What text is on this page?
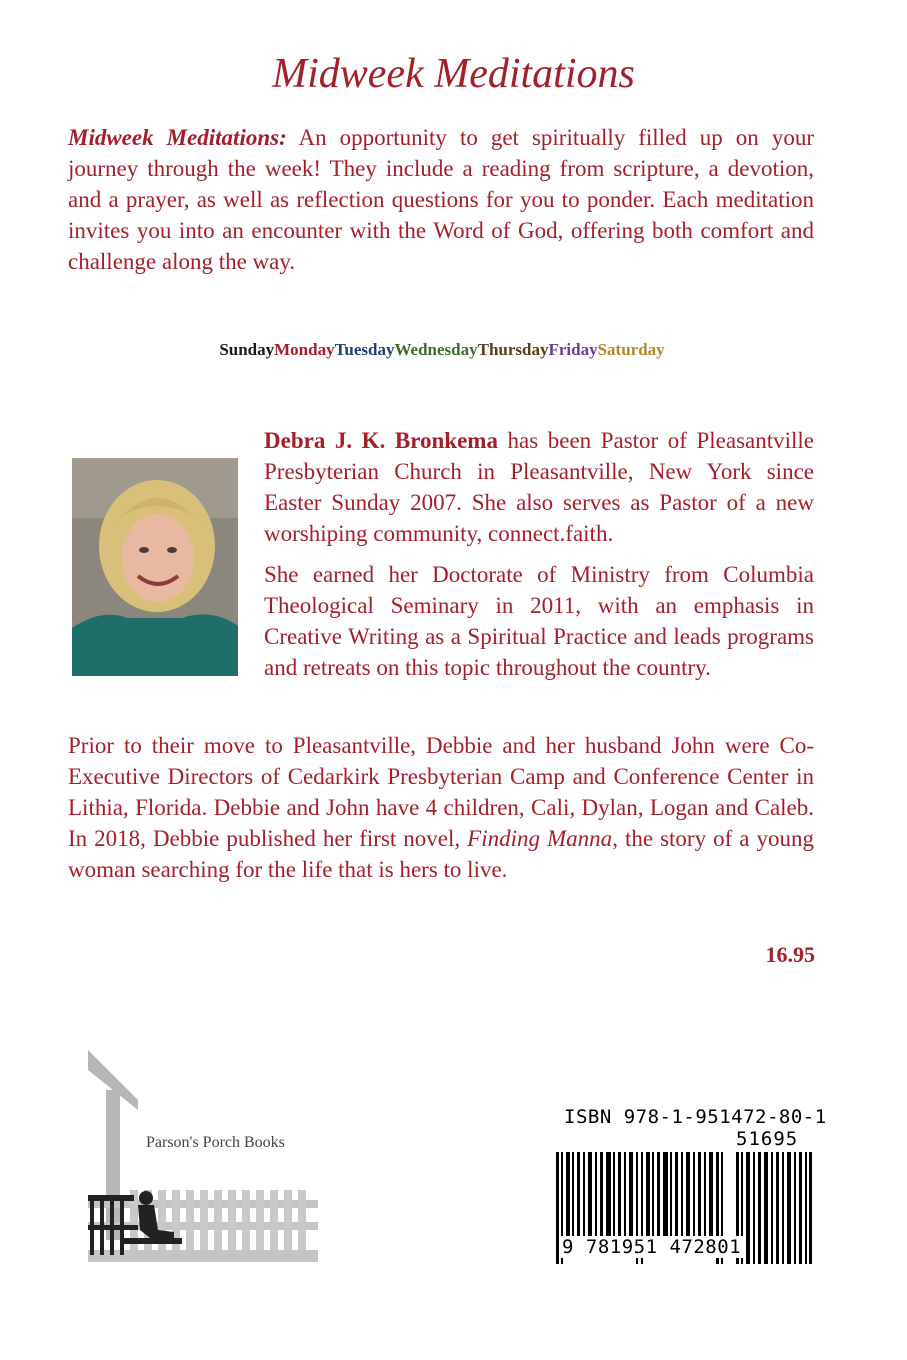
Midweek Meditations
Midweek Meditations: An opportunity to get spiritually filled up on your journey through the week! They include a reading from scripture, a devotion, and a prayer, as well as reflection questions for you to ponder. Each meditation invites you into an encounter with the Word of God, offering both comfort and challenge along the way.
SundayMondayTuesdayWednesdayThursdayFridaySaturday

Debra J. K. Bronkema has been Pastor of Pleasantville Presbyterian Church in Pleasantville, New York since Easter Sunday 2007. She also serves as Pastor of a new worshiping community, connect.faith.

She earned her Doctorate of Ministry from Columbia Theological Seminary in 2011, with an emphasis in Creative Writing as a Spiritual Practice and leads programs and retreats on this topic throughout the country.

Prior to their move to Pleasantville, Debbie and her husband John were Co-Executive Directors of Cedarkirk Presbyterian Camp and Conference Center in Lithia, Florida. Debbie and John have 4 children, Cali, Dylan, Logan and Caleb. In 2018, Debbie published her first novel, Finding Manna, the story of a young woman searching for the life that is hers to live.

16.95
Parson's Porch Books
ISBN 978-1-951472-80-1
51695
9 781951 472801
